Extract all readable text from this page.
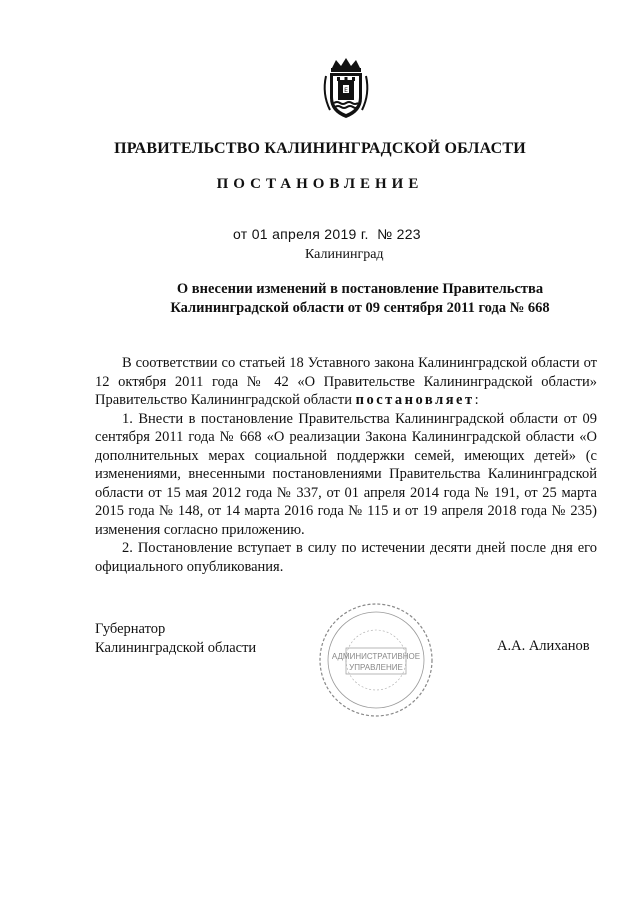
Е
ПРАВИТЕЛЬСТВО КАЛИНИНГРАДСКОЙ ОБЛАСТИ
ПОСТАНОВЛЕНИЕ
от 01 апреля 2019 г. № 223
Калининград
О внесении изменений в постановление Правительства
Калининградской области от 09 сентября 2011 года № 668

В соответствии со статьей 18 Уставного закона Калининградской области от 12 октября 2011 года № 42 «О Правительстве Калининградской области» Правительство Калининградской области постановляет:

1. Внести в постановление Правительства Калининградской области от 09 сентября 2011 года № 668 «О реализации Закона Калининградской области «О дополнительных мерах социальной поддержки семей, имеющих детей» (с изменениями, внесенными постановлениями Правительства Калининградской области от 15 мая 2012 года № 337, от 01 апреля 2014 года № 191, от 25 марта 2015 года № 148, от 14 марта 2016 года № 115 и от 19 апреля 2018 года № 235) изменения согласно приложению.

2. Постановление вступает в силу по истечении десяти дней после дня его официального опубликования.

Губернатор
Калининградской области
АДМИНИСТРАТИВНОЕ
УПРАВЛЕНИЕ
А.А. Алиханов
